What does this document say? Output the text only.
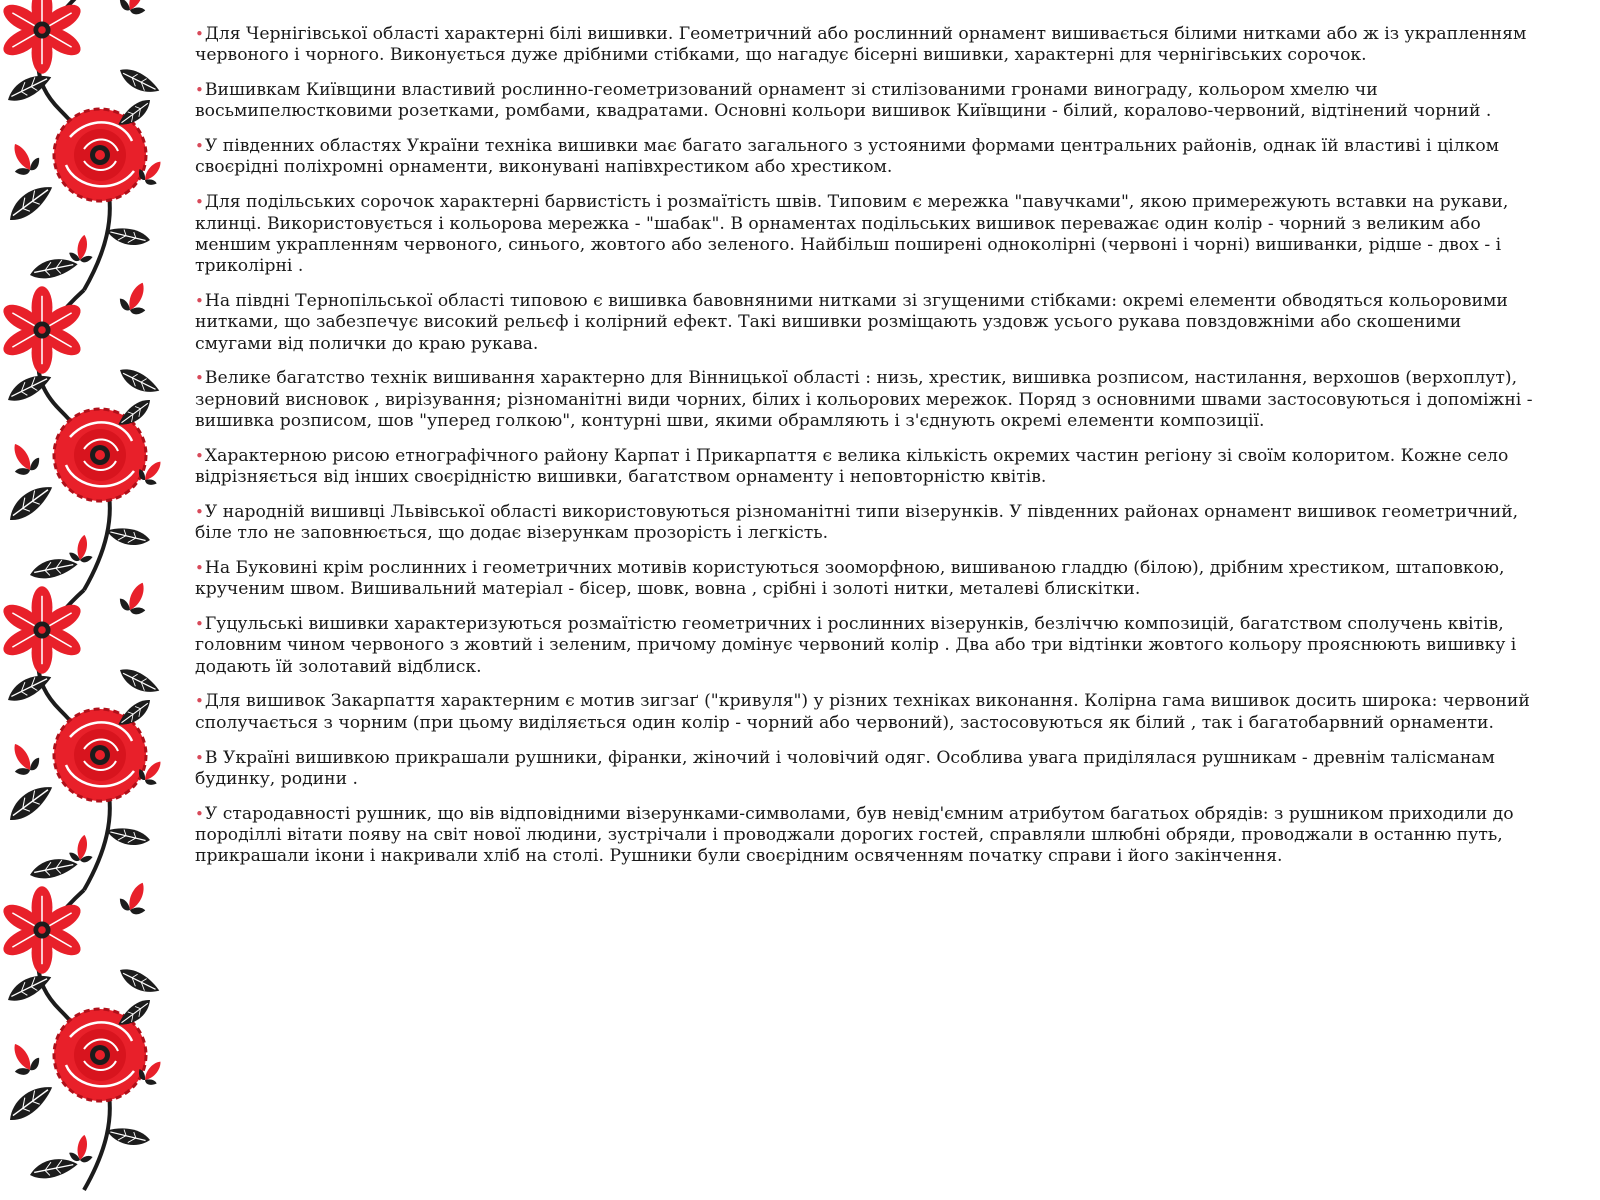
•Для Чернігівської області характерні білі вишивки. Геометричний або рослинний орнамент вишивається білими нитками або ж із укрaпленням червоного і чорного. Виконується дуже дрібними стібками, що нагадує бісерні вишивки, характерні для чернігівських сорочок.

•Вишивкам Київщини властивий рослинно-геометризований орнамент зі стилізованими гронами винограду, кольором хмелю чи восьмипелюстковими розетками, ромбами, квадратами. Основні кольори вишивок Київщини - білий, коралово-червоний, відтінений чорний .

•У південних областях України техніка вишивки має багато загального з устояними формами центральних районів, однак їй властиві і цілком своєрідні поліхромні орнаменти, виконувані напівхрестиком або хрестиком.

•Для подільських сорочок характерні барвистість і розмаїтість швів. Типовим є мережка "павучками", якою примережують вставки на рукави, клинці. Використовується і кольорова мережка - "шабак". В орнаментах подільських вишивок переважає один колір - чорний з великим або меншим укрaпленням червоного, синього, жовтого або зеленого. Найбільш поширені одноколірні (червоні і чорні) вишиванки, рідше - двох - і триколірні .

•На півдні Тернопільської області типовою є вишивка бавовняними нитками зі згущеними стібками: окремі елементи обводяться кольоровими нитками, що забезпечує високий рельєф і колірний ефект. Такі вишивки розміщають уздовж усього рукава повздовжніми або скошеними смугами від полички до краю рукава.

•Велике багатство технік вишивання характерно для Вінницької області : низь, хрестик, вишивка розписом, настилання, верхошов (верхоплут), зерновий висновок , вирізування; різноманітні види чорних, білих і кольорових мережок. Поряд з основними швами застосовуються і допоміжні - вишивка розписом, шов "уперед голкою", контурні шви, якими обрамляють і з'єднують окремі елементи композиції.

•Характерною рисою етнографічного району Карпат і Прикарпаття є велика кількість окремих частин регіону зі своїм колоритом. Кожне село відрізняється від інших своєрідністю вишивки, багатством орнаменту і неповторністю квітів.

•У народній вишивці Львівської області використовуються різноманітні типи візерунків. У південних районах орнамент вишивок геометричний, біле тло не заповнюється, що додає візерункам прозорість і легкість.

•На Буковині крім рослинних і геометричних мотивів користуються зооморфною, вишиваною гладдю (білою), дрібним хрестиком, штаповкою, крученим швом. Вишивальний матеріал - бісер, шовк, вовна , срібні і золоті нитки, металеві блискітки.

•Гуцульські вишивки характеризуються розмаїтістю геометричних і рослинних візерунків, безліччю композицій, багатством сполучень квітів, головним чином червоного з жовтий і зеленим, причому домінує червоний колір . Два або три відтінки жовтого кольору прояснюють вишивку і додають їй золотавий відблиск.

•Для вишивок Закарпаття характерним є мотив зигзаґ ("кривуля") у різних техніках виконання. Колірна гама вишивок досить широка: червоний сполучається з чорним (при цьому виділяється один колір - чорний або червоний), застосовуються як білий , так і багатобарвний орнаменти.

•В Україні вишивкою прикрашали рушники, фіранки, жіночий і чоловічий одяг. Особлива увага приділялася рушникам - древнім талісманам будинку, родини .

•У стародавності рушник, що вів відповідними візерунками-символами, був невід'ємним атрибутом багатьох обрядів: з рушником приходили до породіллі вітати появу на світ нової людини, зустрічали і проводжали дорогих гостей, справляли шлюбні обряди, проводжали в останню путь, прикрашали ікони і накривали хліб на столі. Рушники були своєрідним освяченням початку справи і його закінчення.
